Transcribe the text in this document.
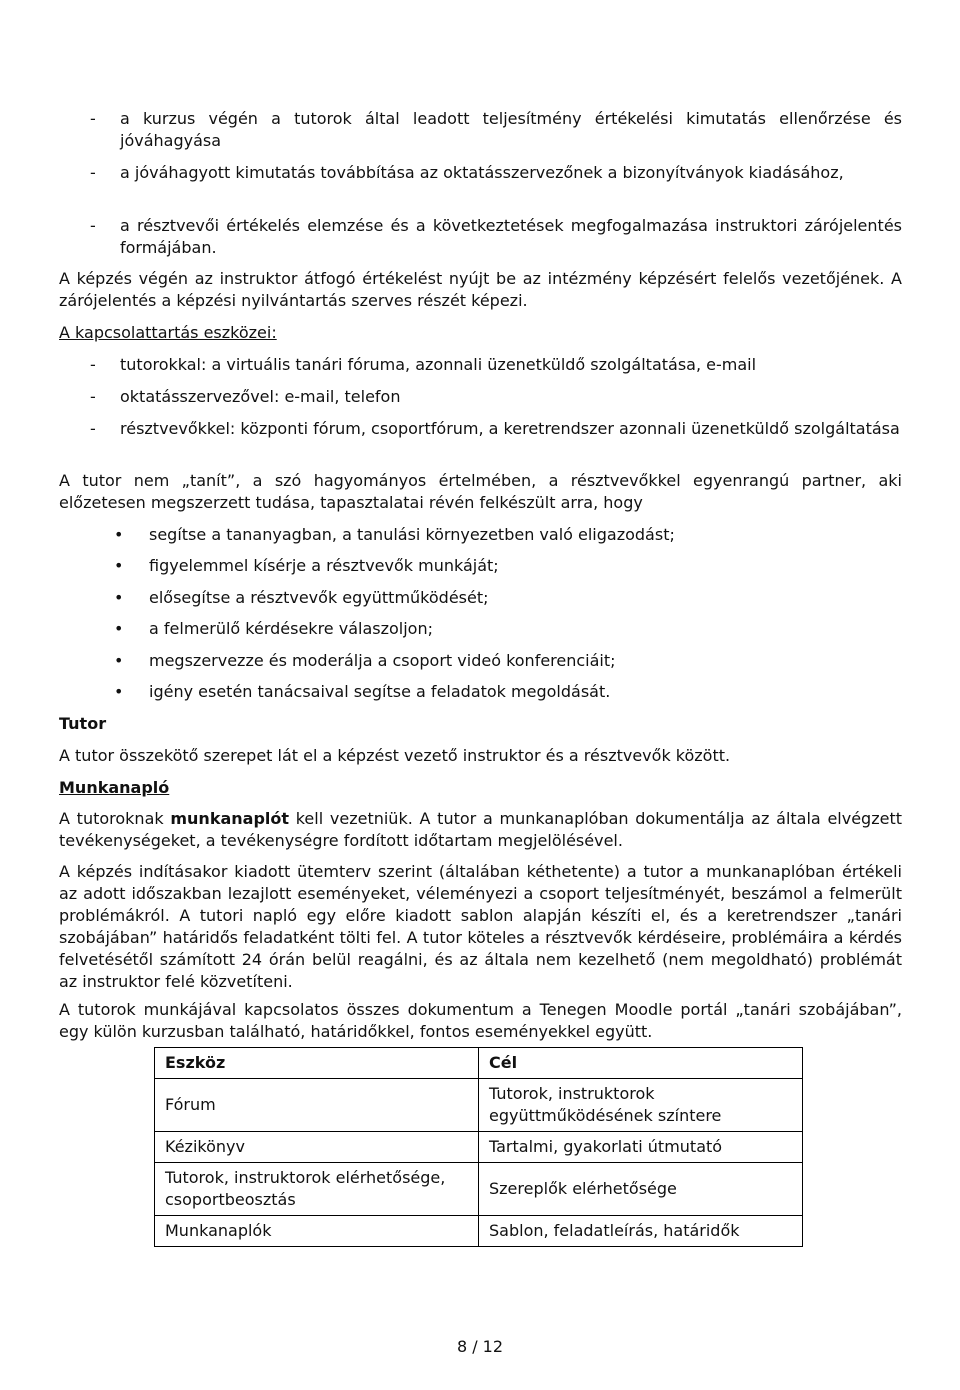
- a kurzus végén a tutorok által leadott teljesítmény értékelési kimutatás ellenőrzése és jóváhagyása
- a jóváhagyott kimutatás továbbítása az oktatásszervezőnek a bizonyítványok kiadásához,
- a résztvevői értékelés elemzése és a következtetések megfogalmazása instruktori zárójelentés formájában.
A képzés végén az instruktor átfogó értékelést nyújt be az intézmény képzésért felelős vezetőjének. A zárójelentés a képzési nyilvántartás szerves részét képezi.
A kapcsolattartás eszközei:
- tutorokkal: a virtuális tanári fóruma, azonnali üzenetküldő szolgáltatása, e-mail
- oktatásszervezővel: e-mail, telefon
- résztvevőkkel: központi fórum, csoportfórum, a keretrendszer azonnali üzenetküldő szolgáltatása
A tutor nem „tanít”, a szó hagyományos értelmében, a résztvevőkkel egyenrangú partner, aki előzetesen megszerzett tudása, tapasztalatai révén felkészült arra, hogy
• segítse a tananyagban, a tanulási környezetben való eligazodást;
• figyelemmel kísérje a résztvevők munkáját;
• elősegítse a résztvevők együttműködését;
• a felmerülő kérdésekre válaszoljon;
• megszervezze és moderálja a csoport videó konferenciáit;
• igény esetén tanácsaival segítse a feladatok megoldását.
Tutor
A tutor összekötő szerepet lát el a képzést vezető instruktor és a résztvevők között.
Munkanapló
A tutoroknak munkanaplót kell vezetniük. A tutor a munkanaplóban dokumentálja az általa elvégzett tevékenységeket, a tevékenységre fordított időtartam megjelölésével.
A képzés indításakor kiadott ütemterv szerint (általában kéthetente) a tutor a munkanaplóban értékeli az adott időszakban lezajlott eseményeket, véleményezi a csoport teljesítményét, beszámol a felmerült problémákról. A tutori napló egy előre kiadott sablon alapján készíti el, és a keretrendszer „tanári szobájában” határidős feladatként tölti fel. A tutor köteles a résztvevők kérdéseire, problémáira a kérdés felvetésétől számított 24 órán belül reagálni, és az általa nem kezelhető (nem megoldható) problémát az instruktor felé közvetíteni.
A tutorok munkájával kapcsolatos összes dokumentum a Tenegen Moodle portál „tanári szobájában”, egy külön kurzusban található, határidőkkel, fontos eseményekkel együtt.
Eszköz	Cél
Fórum	Tutorok, instruktorok együttműködésének színtere
Kézikönyv	Tartalmi, gyakorlati útmutató
Tutorok, instruktorok elérhetősége, csoportbeosztás	Szereplők elérhetősége
Munkanaplók	Sablon, feladatleírás, határidők
8 / 12
